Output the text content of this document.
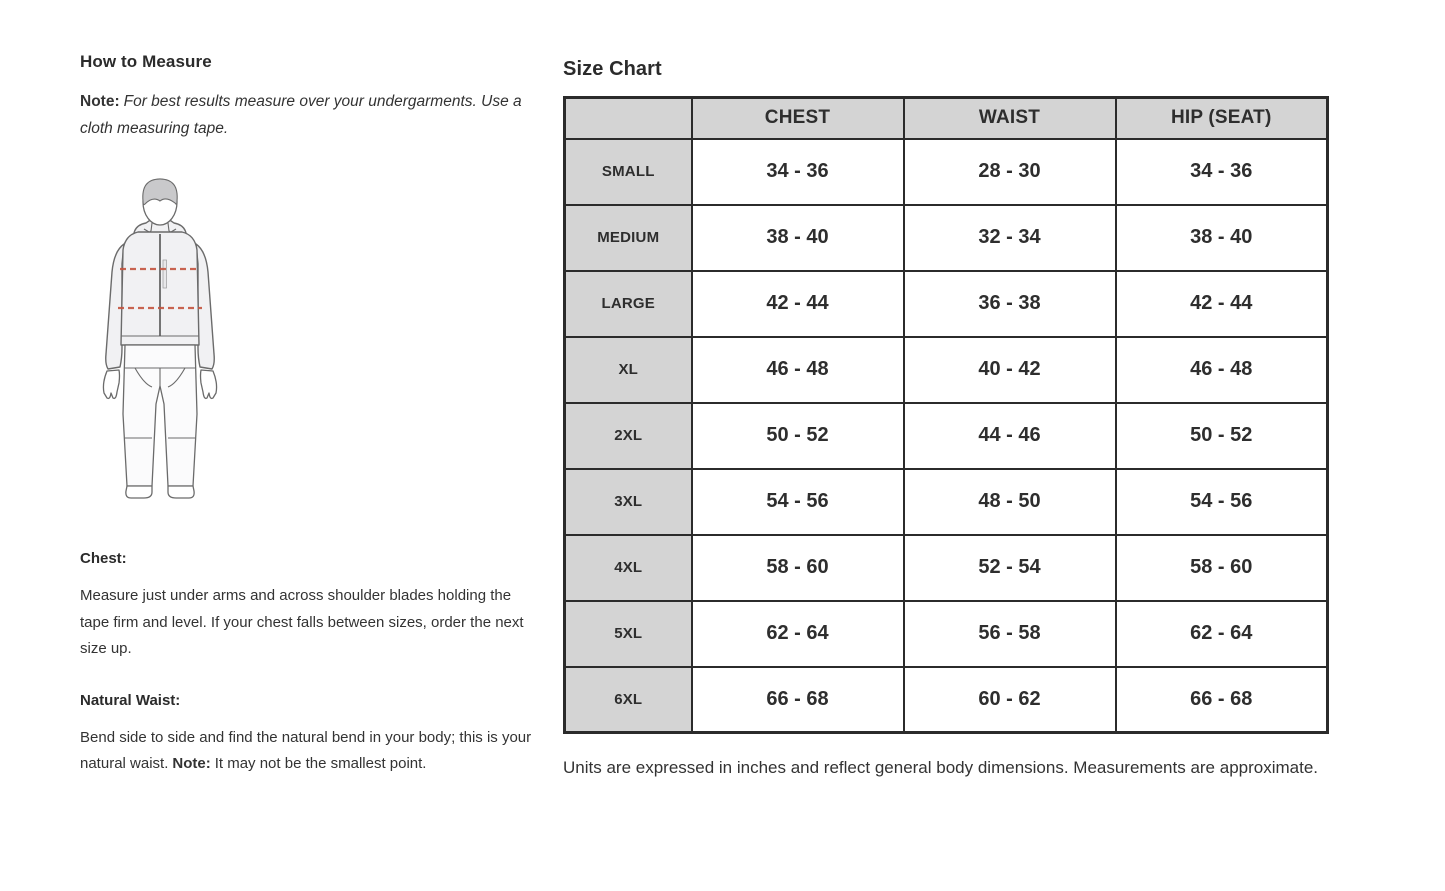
How to Measure

Note: For best results measure over your undergarments. Use a cloth measuring tape.

Chest:

Measure just under arms and across shoulder blades holding the tape firm and level. If your chest falls between sizes, order the next size up.

Natural Waist:

Bend side to side and find the natural bend in your body; this is your natural waist. Note: It may not be the smallest point.

Size Chart
	CHEST	WAIST	HIP (SEAT)
SMALL	34 - 36	28 - 30	34 - 36
MEDIUM	38 - 40	32 - 34	38 - 40
LARGE	42 - 44	36 - 38	42 - 44
XL	46 - 48	40 - 42	46 - 48
2XL	50 - 52	44 - 46	50 - 52
3XL	54 - 56	48 - 50	54 - 56
4XL	58 - 60	52 - 54	58 - 60
5XL	62 - 64	56 - 58	62 - 64
6XL	66 - 68	60 - 62	66 - 68

Units are expressed in inches and reflect general body dimensions. Measurements are approximate.
